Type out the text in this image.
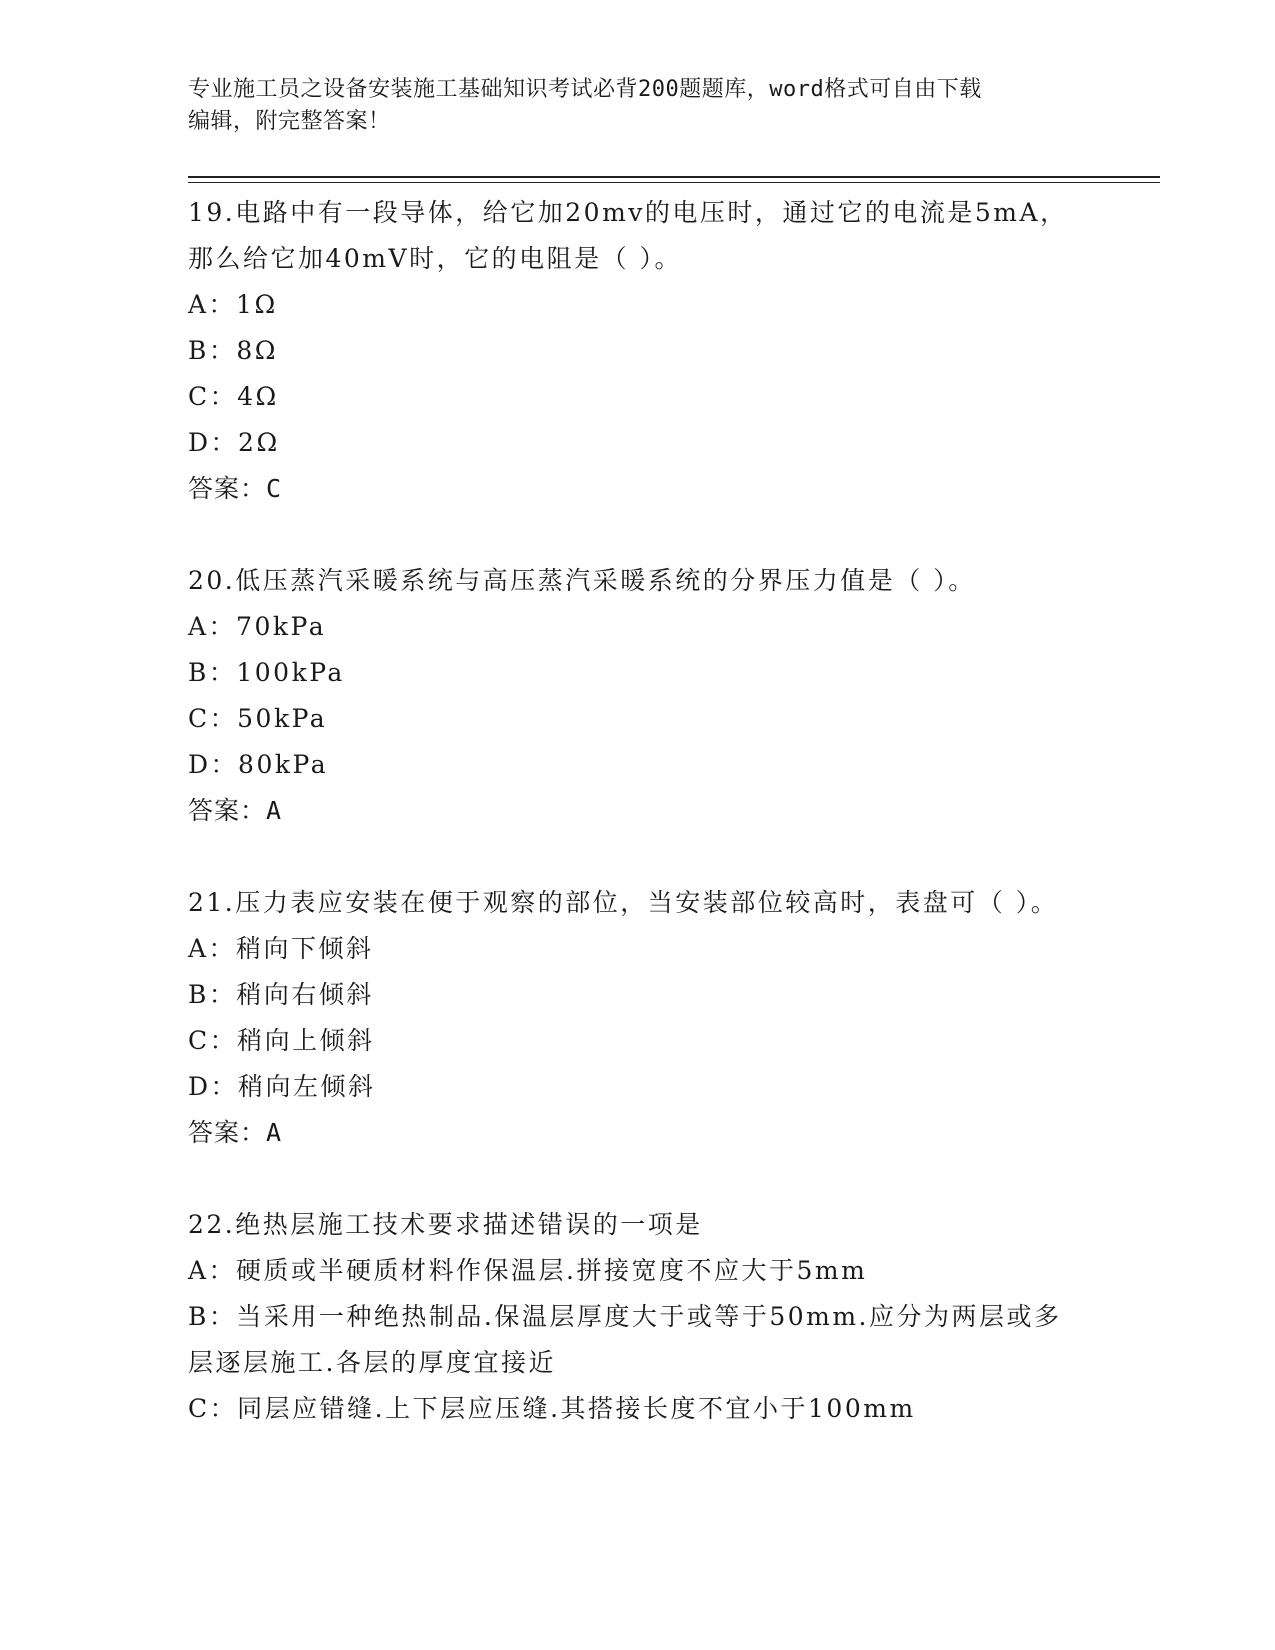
专业施工员之设备安装施工基础知识考试必背200题题库，word格式可自由下载
编辑，附完整答案！

19.电路中有一段导体，给它加20mv的电压时，通过它的电流是5mA，那么给它加40mV时，它的电阻是（ ）。

A：1Ω

B：8Ω

C：4Ω

D：2Ω

答案：C

20.低压蒸汽采暖系统与高压蒸汽采暖系统的分界压力值是（ ）。

A：70kPa

B：100kPa

C：50kPa

D：80kPa

答案：A

21.压力表应安装在便于观察的部位，当安装部位较高时，表盘可（ ）。

A：稍向下倾斜

B：稍向右倾斜

C：稍向上倾斜

D：稍向左倾斜

答案：A

22.绝热层施工技术要求描述错误的一项是

A：硬质或半硬质材料作保温层.拼接宽度不应大于5mm

B：当采用一种绝热制品.保温层厚度大于或等于50mm.应分为两层或多层逐层施工.各层的厚度宜接近

C：同层应错缝.上下层应压缝.其搭接长度不宜小于100mm
